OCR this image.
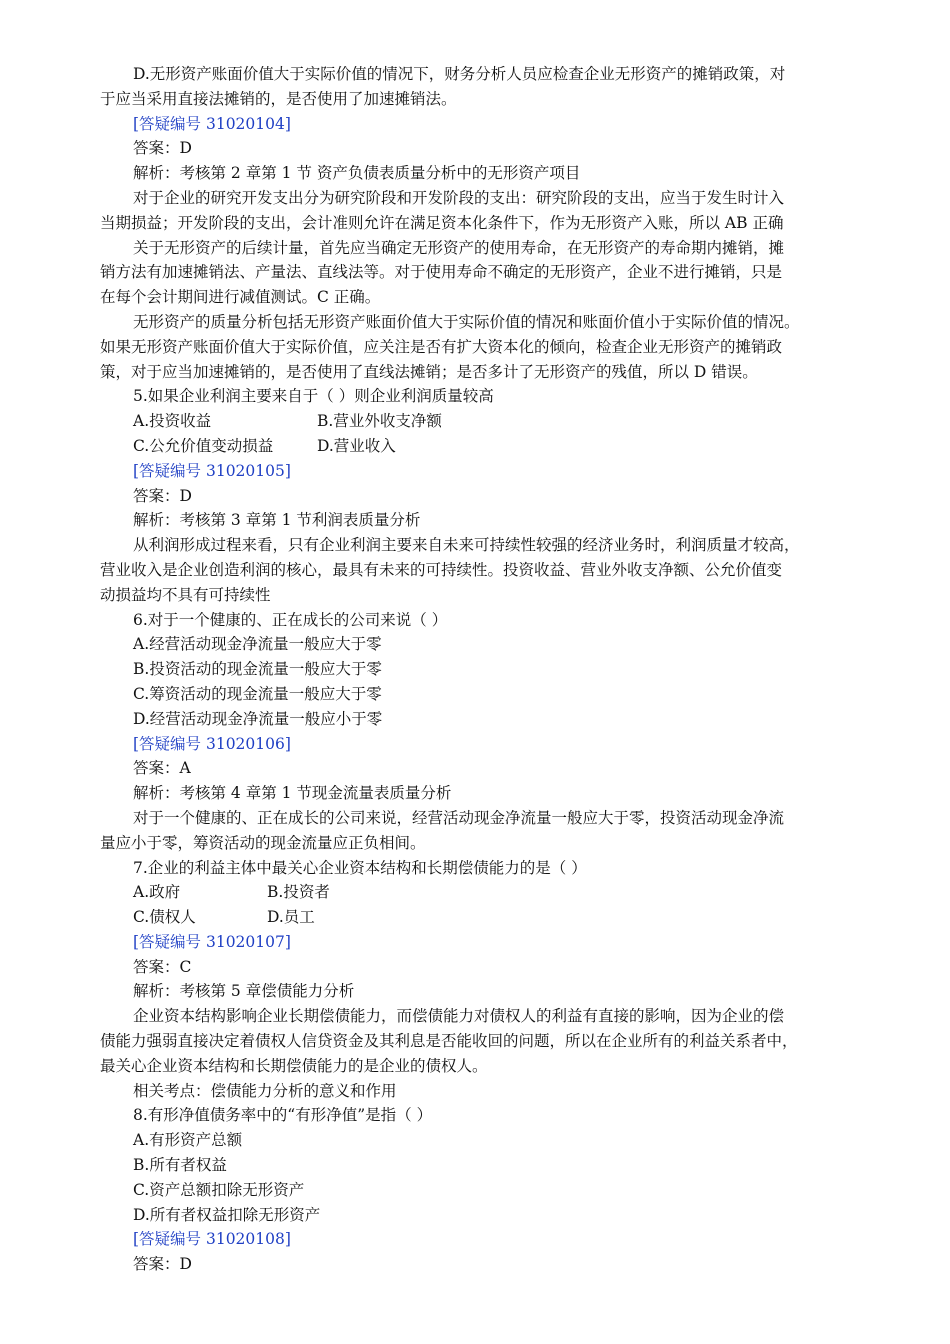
D.无形资产账面价值大于实际价值的情况下，财务分析人员应检查企业无形资产的摊销政策，对
于应当采用直接法摊销的，是否使用了加速摊销法。
[答疑编号 31020104]
答案：D
解析：考核第 2 章第 1 节 资产负债表质量分析中的无形资产项目
对于企业的研究开发支出分为研究阶段和开发阶段的支出：研究阶段的支出，应当于发生时计入
当期损益；开发阶段的支出，会计准则允许在满足资本化条件下，作为无形资产入账，所以 AB 正确
关于无形资产的后续计量，首先应当确定无形资产的使用寿命，在无形资产的寿命期内摊销，摊
销方法有加速摊销法、产量法、直线法等。对于使用寿命不确定的无形资产，企业不进行摊销，只是
在每个会计期间进行减值测试。C 正确。
无形资产的质量分析包括无形资产账面价值大于实际价值的情况和账面价值小于实际价值的情况。
如果无形资产账面价值大于实际价值，应关注是否有扩大资本化的倾向，检查企业无形资产的摊销政
策，对于应当加速摊销的，是否使用了直线法摊销；是否多计了无形资产的残值，所以 D 错误。
5.如果企业利润主要来自于（ ）则企业利润质量较高
A.投资收益	B.营业外收支净额
C.公允价值变动损益	D.营业收入
[答疑编号 31020105]
答案：D
解析：考核第 3 章第 1 节利润表质量分析
从利润形成过程来看，只有企业利润主要来自未来可持续性较强的经济业务时，利润质量才较高，
营业收入是企业创造利润的核心，最具有未来的可持续性。投资收益、营业外收支净额、公允价值变
动损益均不具有可持续性
6.对于一个健康的、正在成长的公司来说（ ）
A.经营活动现金净流量一般应大于零
B.投资活动的现金流量一般应大于零
C.筹资活动的现金流量一般应大于零
D.经营活动现金净流量一般应小于零
[答疑编号 31020106]
答案：A
解析：考核第 4 章第 1 节现金流量表质量分析
对于一个健康的、正在成长的公司来说，经营活动现金净流量一般应大于零，投资活动现金净流
量应小于零，筹资活动的现金流量应正负相间。
7.企业的利益主体中最关心企业资本结构和长期偿债能力的是（ ）
A.政府	B.投资者
C.债权人	D.员工
[答疑编号 31020107]
答案：C
解析：考核第 5 章偿债能力分析
企业资本结构影响企业长期偿债能力，而偿债能力对债权人的利益有直接的影响，因为企业的偿
债能力强弱直接决定着债权人信贷资金及其利息是否能收回的问题，所以在企业所有的利益关系者中，
最关心企业资本结构和长期偿债能力的是企业的债权人。
相关考点：偿债能力分析的意义和作用
8.有形净值债务率中的“有形净值”是指（ ）
A.有形资产总额
B.所有者权益
C.资产总额扣除无形资产
D.所有者权益扣除无形资产
[答疑编号 31020108]
答案：D
